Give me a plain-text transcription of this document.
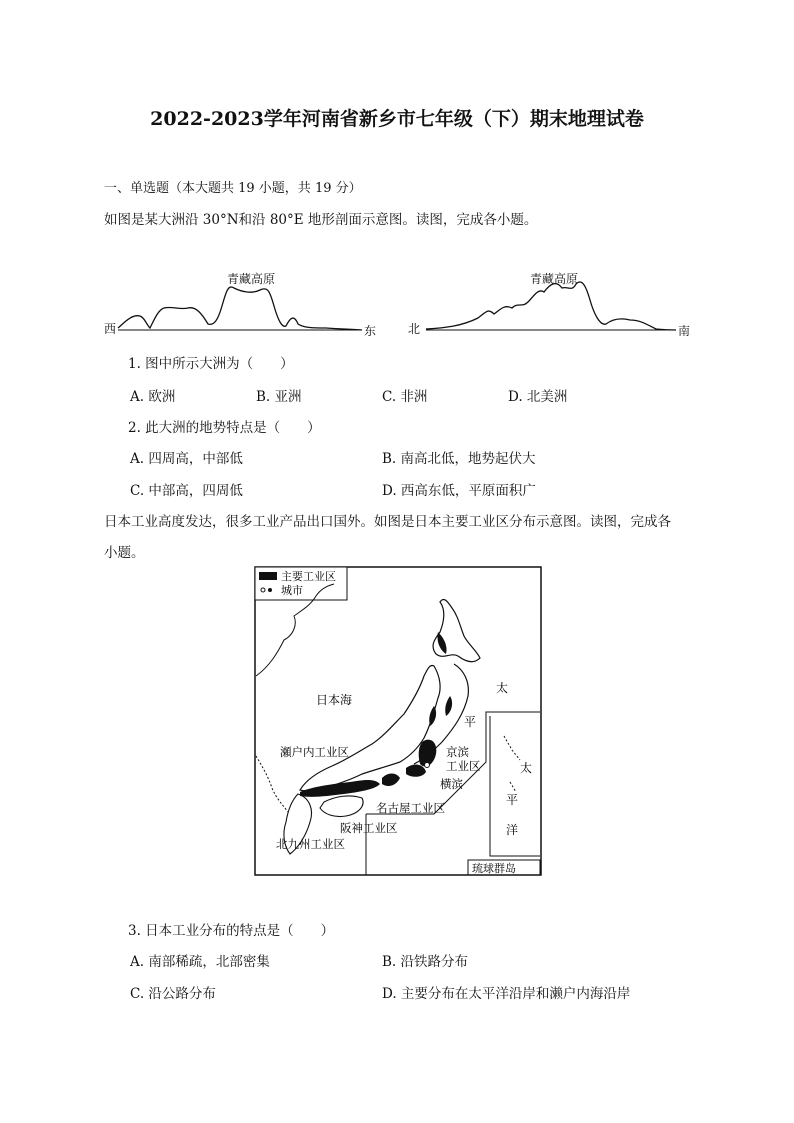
2022-2023学年河南省新乡市七年级（下）期末地理试卷
一、单选题（本大题共 19 小题，共 19 分）
如图是某大洲沿 30°N和沿 80°E 地形剖面示意图。读图，完成各小题。
西	东
青藏高原
北	南
青藏高原
1. 图中所示大洲为（　　）
A. 欧洲	B. 亚洲	C. 非洲	D. 北美洲
2. 此大洲的地势特点是（　　）
A. 四周高，中部低	B. 南高北低，地势起伏大
C. 中部高，四周低	D. 西高东低，平原面积广
日本工业高度发达，很多工业产品出口国外。如图是日本主要工业区分布示意图。读图，完成各
小题。
主要工业区
城市
日本海
太
平
太
平
洋
瀬户内工业区	京滨
工业区
横滨
名古屋工业区
阪神工业区
北九州工业区
琉球群岛
3. 日本工业分布的特点是（　　）
A. 南部稀疏，北部密集	B. 沿铁路分布
C. 沿公路分布	D. 主要分布在太平洋沿岸和濑户内海沿岸
